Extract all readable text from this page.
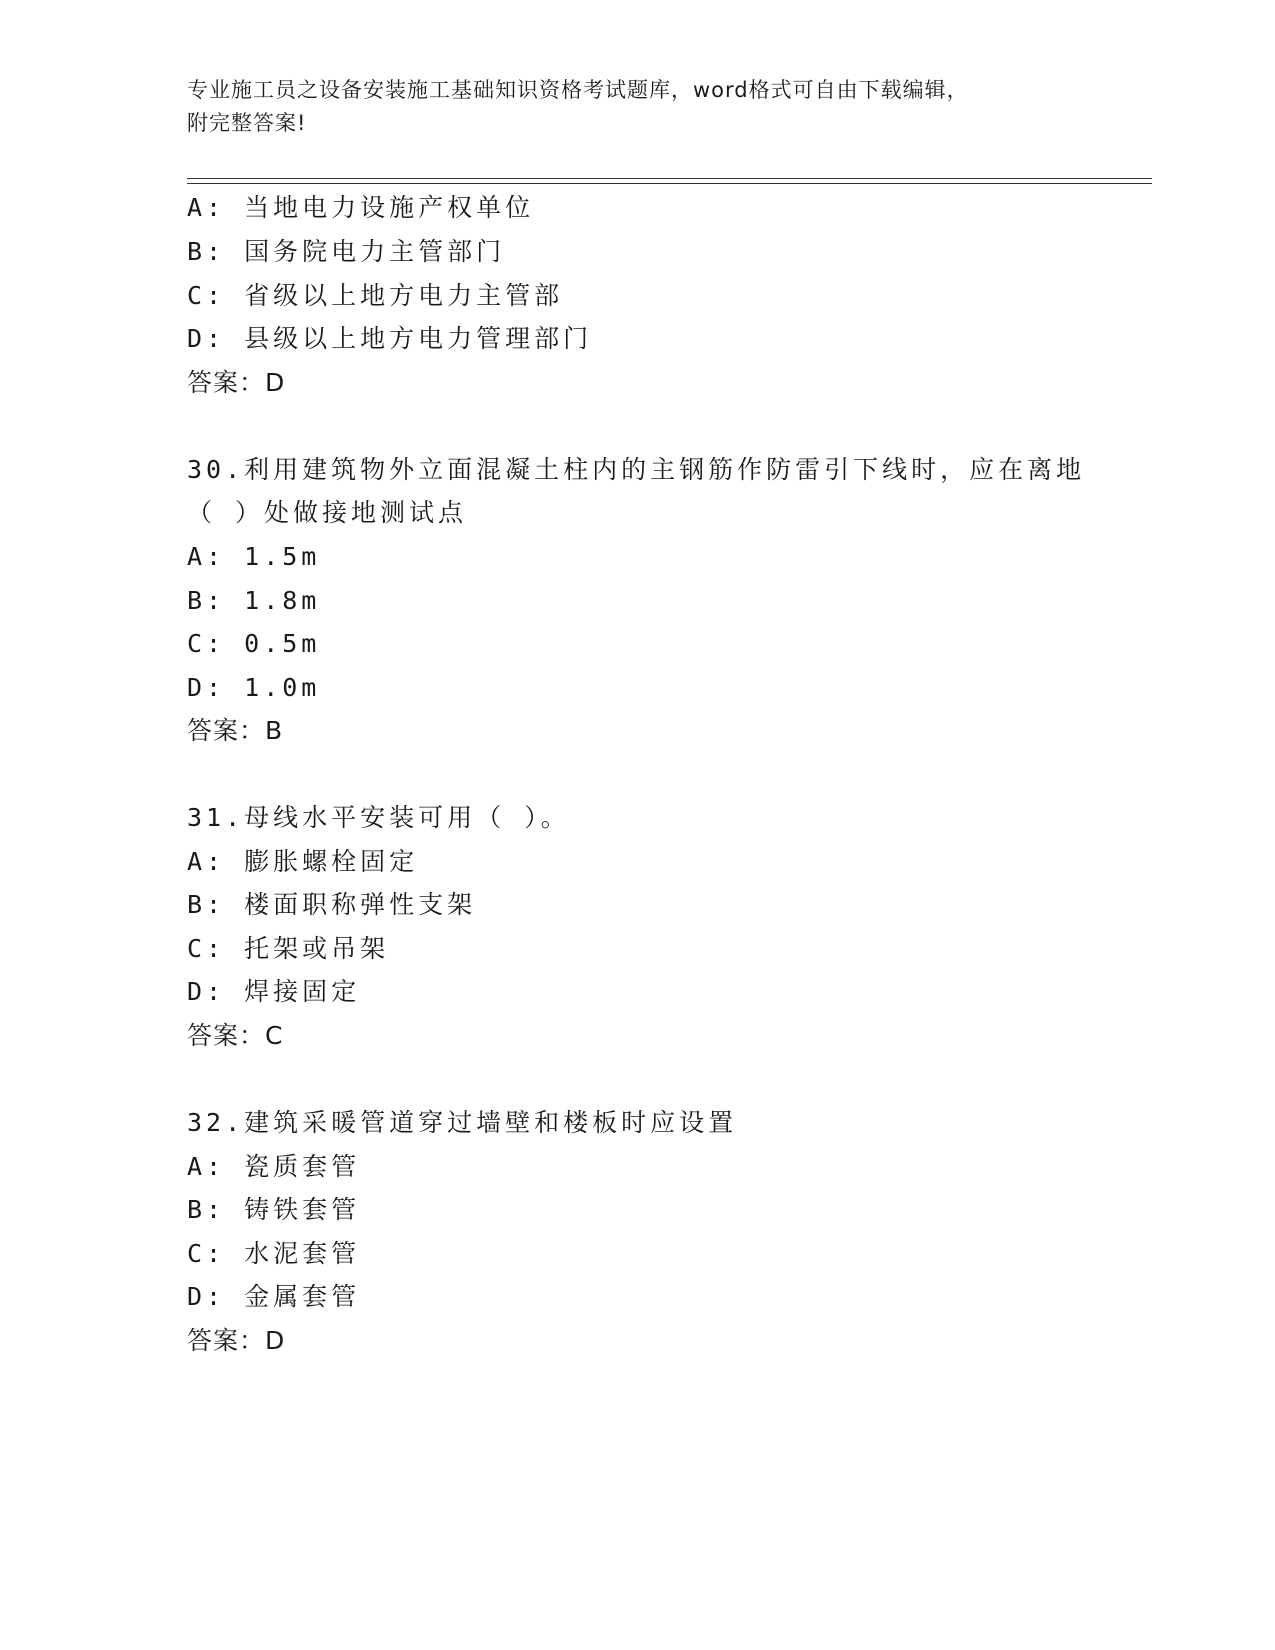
专业施工员之设备安装施工基础知识资格考试题库，word格式可自由下载编辑，
附完整答案!
A: 当地电力设施产权单位
B: 国务院电力主管部门
C: 省级以上地方电力主管部
D: 县级以上地方电力管理部门
答案：D
30.利用建筑物外立面混凝土柱内的主钢筋作防雷引下线时，应在离地
（ ）处做接地测试点
A: 1.5m
B: 1.8m
C: 0.5m
D: 1.0m
答案：B
31.母线水平安装可用（ ）。
A: 膨胀螺栓固定
B: 楼面职称弹性支架
C: 托架或吊架
D: 焊接固定
答案：C
32.建筑采暖管道穿过墙壁和楼板时应设置
A: 瓷质套管
B: 铸铁套管
C: 水泥套管
D: 金属套管
答案：D
